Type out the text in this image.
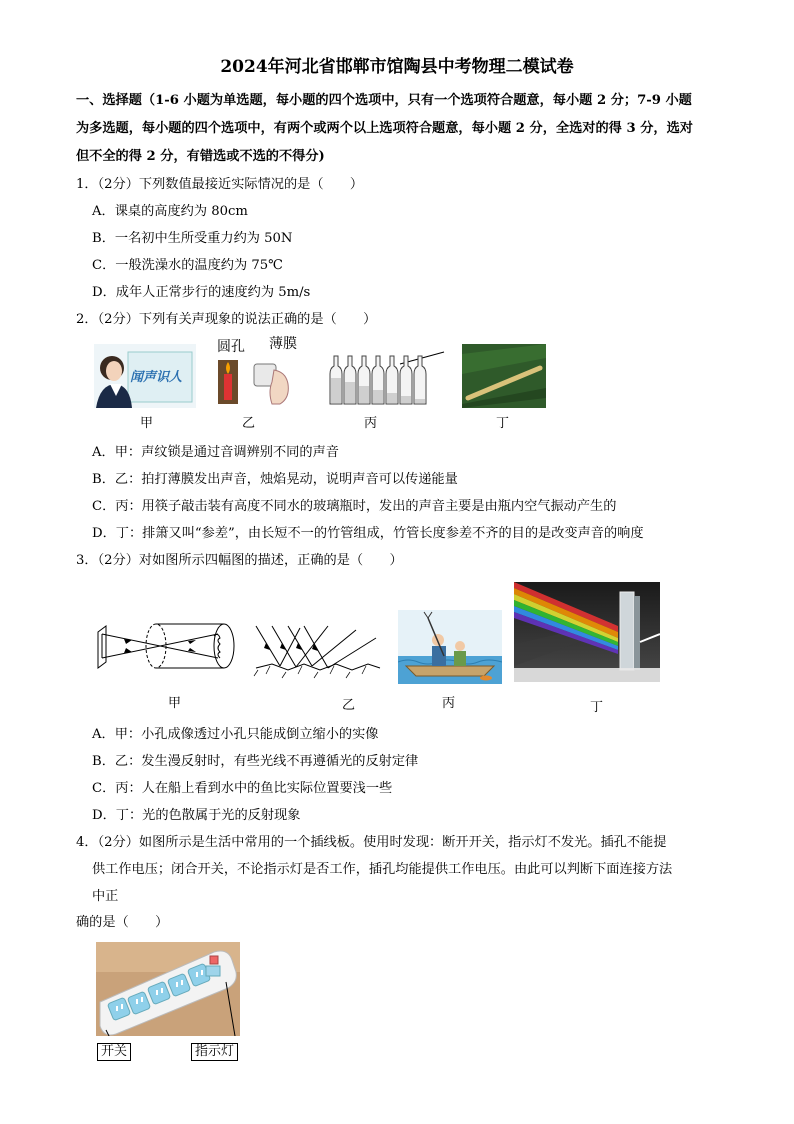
2024年河北省邯郸市馆陶县中考物理二模试卷
一、选择题（1-6 小题为单选题，每小题的四个选项中，只有一个选项符合题意，每小题 2 分；7-9 小题
为多选题，每小题的四个选项中，有两个或两个以上选项符合题意，每小题 2 分，全选对的得 3 分，选对
但不全的得 2 分，有错选或不选的不得分)
1．（2分）下列数值最接近实际情况的是（　　）
A．课桌的高度约为 80cm
B．一名初中生所受重力约为 50N
C．一般洗澡水的温度约为 75℃
D．成年人正常步行的速度约为 5m/s
2．（2分）下列有关声现象的说法正确的是（　　）
闻声识人
甲
圆孔 薄膜
乙	丙	丁
A．甲：声纹锁是通过音调辨别不同的声音
B．乙：拍打薄膜发出声音，烛焰晃动，说明声音可以传递能量
C．丙：用筷子敲击装有高度不同水的玻璃瓶时，发出的声音主要是由瓶内空气振动产生的
D．丁：排箫又叫“参差”，由长短不一的竹管组成，竹管长度参差不齐的目的是改变声音的响度
3．（2分）对如图所示四幅图的描述，正确的是（　　）
甲	乙	丙	丁
A．甲：小孔成像透过小孔只能成倒立缩小的实像
B．乙：发生漫反射时，有些光线不再遵循光的反射定律
C．丙：人在船上看到水中的鱼比实际位置要浅一些
D．丁：光的色散属于光的反射现象
4．（2分）如图所示是生活中常用的一个插线板。使用时发现：断开开关，指示灯不发光。插孔不能提
供工作电压；闭合开关，不论指示灯是否工作，插孔均能提供工作电压。由此可以判断下面连接方法
中正
确的是（　　）
开关	指示灯
